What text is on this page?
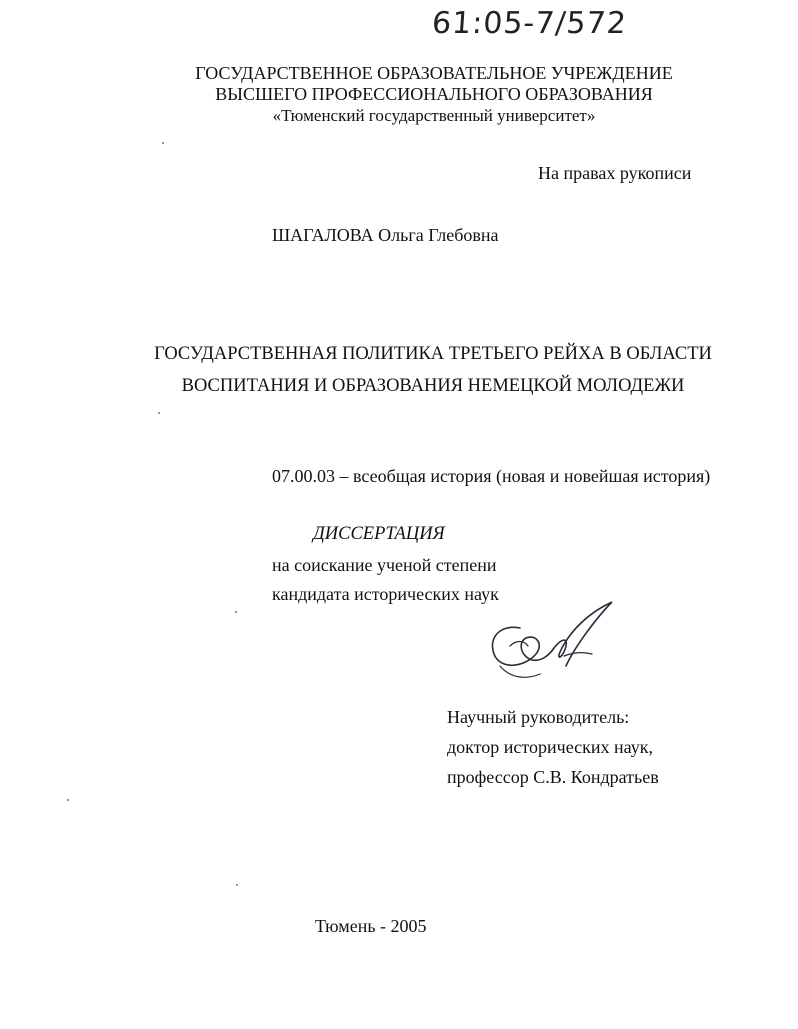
61:05-7/572
ГОСУДАРСТВЕННОЕ ОБРАЗОВАТЕЛЬНОЕ УЧРЕЖДЕНИЕ
ВЫСШЕГО ПРОФЕССИОНАЛЬНОГО ОБРАЗОВАНИЯ
«Тюменский государственный университет»
На правах рукописи
ШАГАЛОВА Ольга Глебовна
ГОСУДАРСТВЕННАЯ ПОЛИТИКА ТРЕТЬЕГО РЕЙХА В ОБЛАСТИ
ВОСПИТАНИЯ И ОБРАЗОВАНИЯ НЕМЕЦКОЙ МОЛОДЕЖИ
07.00.03 – всеобщая история (новая и новейшая история)
ДИССЕРТАЦИЯ
на соискание ученой степени
кандидата исторических наук
Научный руководитель:
доктор исторических наук,
профессор С.В. Кондратьев
Тюмень - 2005
